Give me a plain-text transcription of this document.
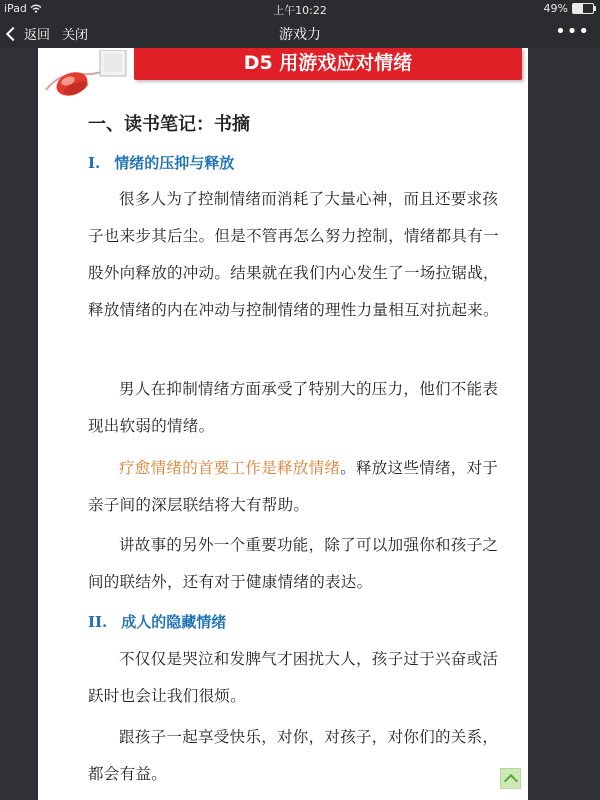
iPad	上午10:22	49%
返回 关闭	游戏力	•••
D5 用游戏应对情绪
一、读书笔记：书摘
I. 情绪的压抑与释放
很多人为了控制情绪而消耗了大量心神，而且还要求孩子也来步其后尘。但是不管再怎么努力控制，情绪都具有一股外向释放的冲动。结果就在我们内心发生了一场拉锯战，释放情绪的内在冲动与控制情绪的理性力量相互对抗起来。
男人在抑制情绪方面承受了特别大的压力，他们不能表现出软弱的情绪。
疗愈情绪的首要工作是释放情绪。释放这些情绪，对于亲子间的深层联结将大有帮助。
讲故事的另外一个重要功能，除了可以加强你和孩子之间的联结外，还有对于健康情绪的表达。
II. 成人的隐藏情绪
不仅仅是哭泣和发脾气才困扰大人，孩子过于兴奋或活跃时也会让我们很烦。
跟孩子一起享受快乐，对你，对孩子，对你们的关系，都会有益。
